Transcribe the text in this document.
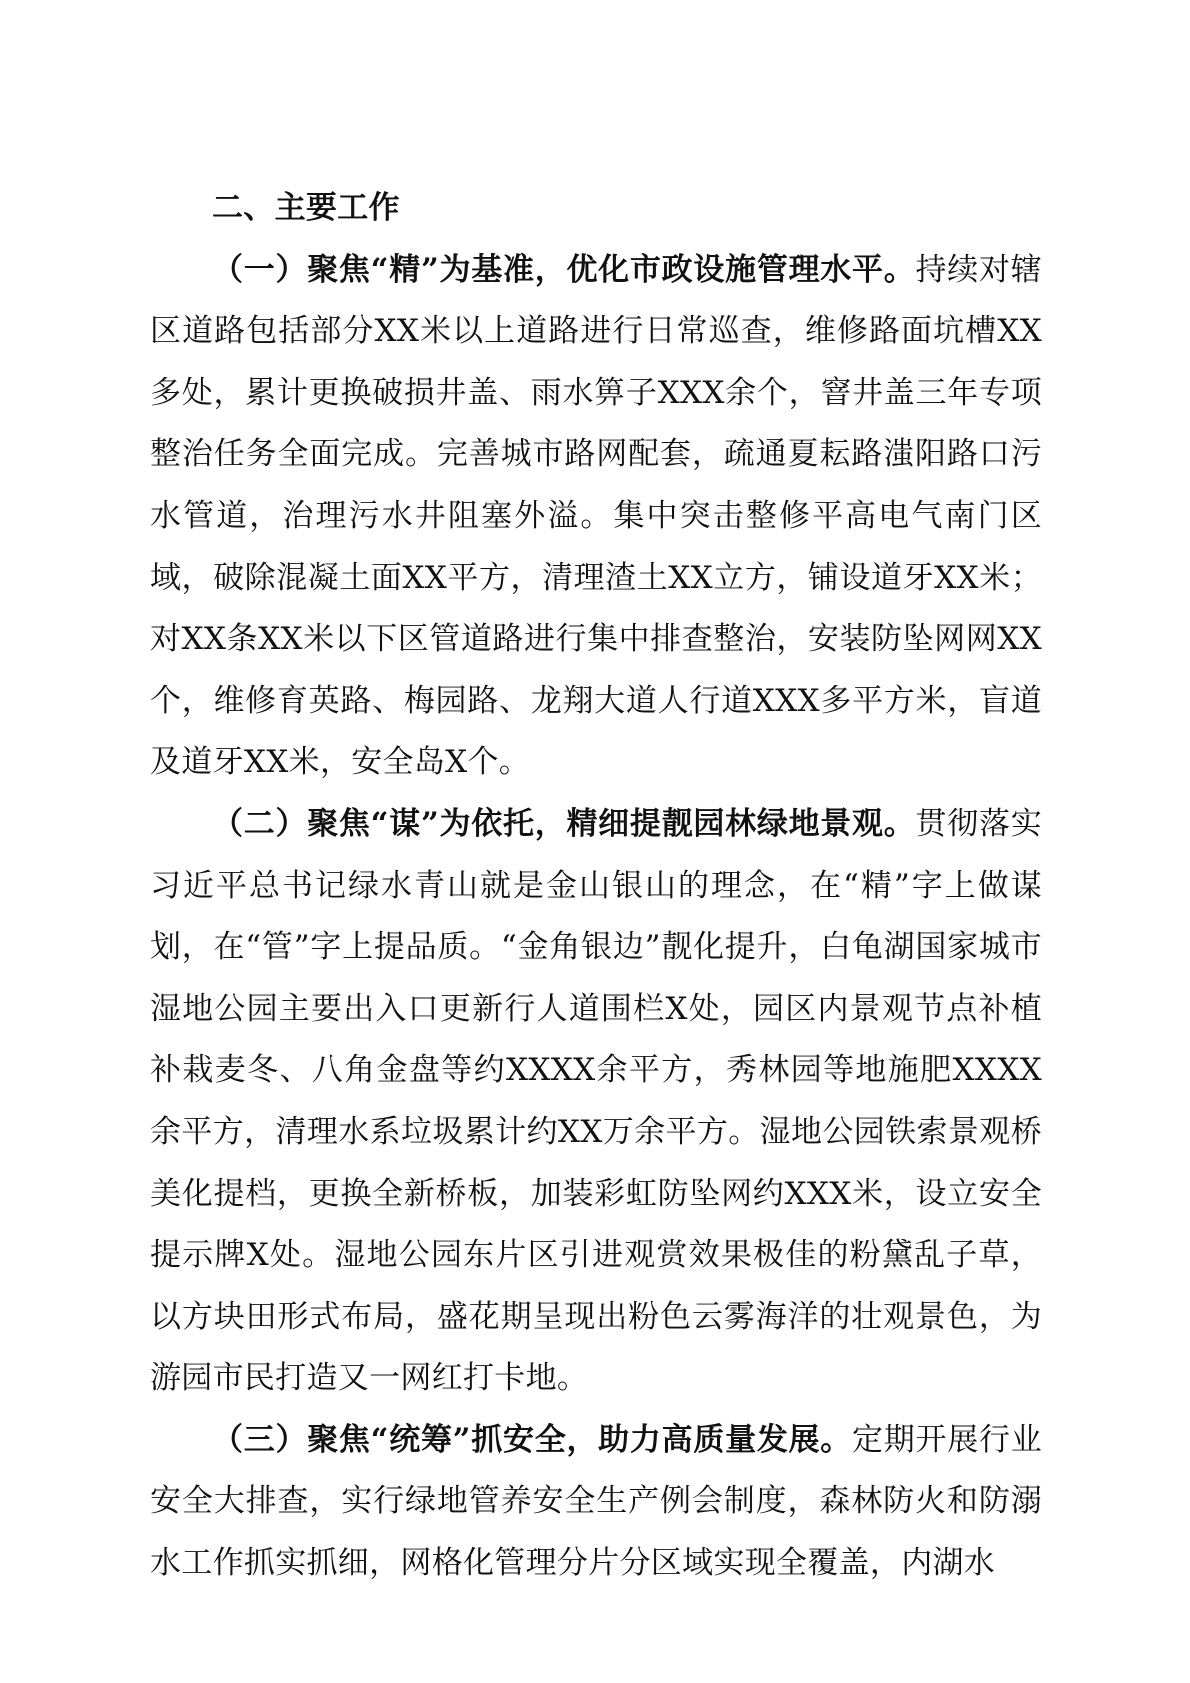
二、主要工作

（一）聚焦“精”为基准，优化市政设施管理水平。持续对辖区道路包括部分XX米以上道路进行日常巡查，维修路面坑槽XX多处，累计更换破损井盖、雨水箅子XXX余个，窨井盖三年专项整治任务全面完成。完善城市路网配套，疏通夏耘路滍阳路口污水管道，治理污水井阻塞外溢。集中突击整修平高电气南门区域，破除混凝土面XX平方，清理渣土XX立方，铺设道牙XX米；对XX条XX米以下区管道路进行集中排查整治，安装防坠网网XX个，维修育英路、梅园路、龙翔大道人行道XXX多平方米，盲道及道牙XX米，安全岛X个。

（二）聚焦“谋”为依托，精细提靓园林绿地景观。贯彻落实习近平总书记绿水青山就是金山银山的理念，在“精”字上做谋划，在“管”字上提品质。“金角银边”靓化提升，白龟湖国家城市湿地公园主要出入口更新行人道围栏X处，园区内景观节点补植补栽麦冬、八角金盘等约XXXX余平方，秀林园等地施肥XXXX余平方，清理水系垃圾累计约XX万余平方。湿地公园铁索景观桥美化提档，更换全新桥板，加装彩虹防坠网约XXX米，设立安全提示牌X处。湿地公园东片区引进观赏效果极佳的粉黛乱子草，以方块田形式布局，盛花期呈现出粉色云雾海洋的壮观景色，为游园市民打造又一网红打卡地。

（三）聚焦“统筹”抓安全，助力高质量发展。定期开展行业安全大排查，实行绿地管养安全生产例会制度，森林防火和防溺水工作抓实抓细，网格化管理分片分区域实现全覆盖，内湖水
